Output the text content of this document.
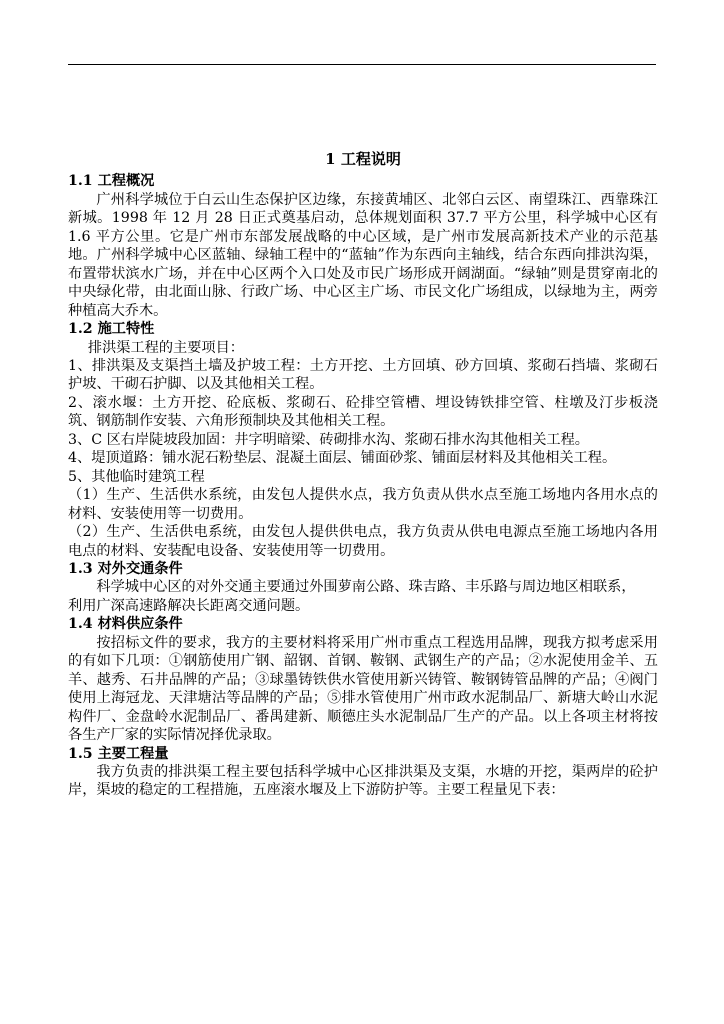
1 工程说明
1.1 工程概况

广州科学城位于白云山生态保护区边缘，东接黄埔区、北邻白云区、南望珠江、西靠珠江新城。1998 年 12 月 28 日正式奠基启动，总体规划面积 37.7 平方公里，科学城中心区有 1.6 平方公里。它是广州市东部发展战略的中心区域，是广州市发展高新技术产业的示范基地。广州科学城中心区蓝轴、绿轴工程中的“蓝轴”作为东西向主轴线，结合东西向排洪沟渠，布置带状滨水广场，并在中心区两个入口处及市民广场形成开阔湖面。“绿轴”则是贯穿南北的中央绿化带，由北面山脉、行政广场、中心区主广场、市民文化广场组成，以绿地为主，两旁种植高大乔木。

1.2 施工特性

排洪渠工程的主要项目：

1、排洪渠及支渠挡土墙及护坡工程：土方开挖、土方回填、砂方回填、浆砌石挡墙、浆砌石护坡、干砌石护脚、以及其他相关工程。

2、滚水堰：土方开挖、砼底板、浆砌石、砼排空管槽、埋设铸铁排空管、柱墩及汀步板浇筑、钢筋制作安装、六角形预制块及其他相关工程。

3、C 区右岸陡坡段加固：井字明暗梁、砖砌排水沟、浆砌石排水沟其他相关工程。

4、堤顶道路：铺水泥石粉垫层、混凝土面层、铺面砂浆、铺面层材料及其他相关工程。

5、其他临时建筑工程

（1）生产、生活供水系统，由发包人提供水点，我方负责从供水点至施工场地内各用水点的材料、安装使用等一切费用。

（2）生产、生活供电系统，由发包人提供供电点，我方负责从供电电源点至施工场地内各用电点的材料、安装配电设备、安装使用等一切费用。

1.3 对外交通条件

科学城中心区的对外交通主要通过外围萝南公路、珠吉路、丰乐路与周边地区相联系，

利用广深高速路解决长距离交通问题。

1.4 材料供应条件

按招标文件的要求，我方的主要材料将采用广州市重点工程选用品牌，现我方拟考虑采用的有如下几项：①钢筋使用广钢、韶钢、首钢、鞍钢、武钢生产的产品；②水泥使用金羊、五羊、越秀、石井品牌的产品；③球墨铸铁供水管使用新兴铸管、鞍钢铸管品牌的产品；④阀门使用上海冠龙、天津塘沽等品牌的产品；⑤排水管使用广州市政水泥制品厂、新塘大岭山水泥构件厂、金盘岭水泥制品厂、番禺建新、顺德庄头水泥制品厂生产的产品。以上各项主材将按各生产厂家的实际情况择优录取。

1.5 主要工程量

我方负责的排洪渠工程主要包括科学城中心区排洪渠及支渠，水塘的开挖，渠两岸的砼护岸，渠坡的稳定的工程措施，五座滚水堰及上下游防护等。主要工程量见下表：
